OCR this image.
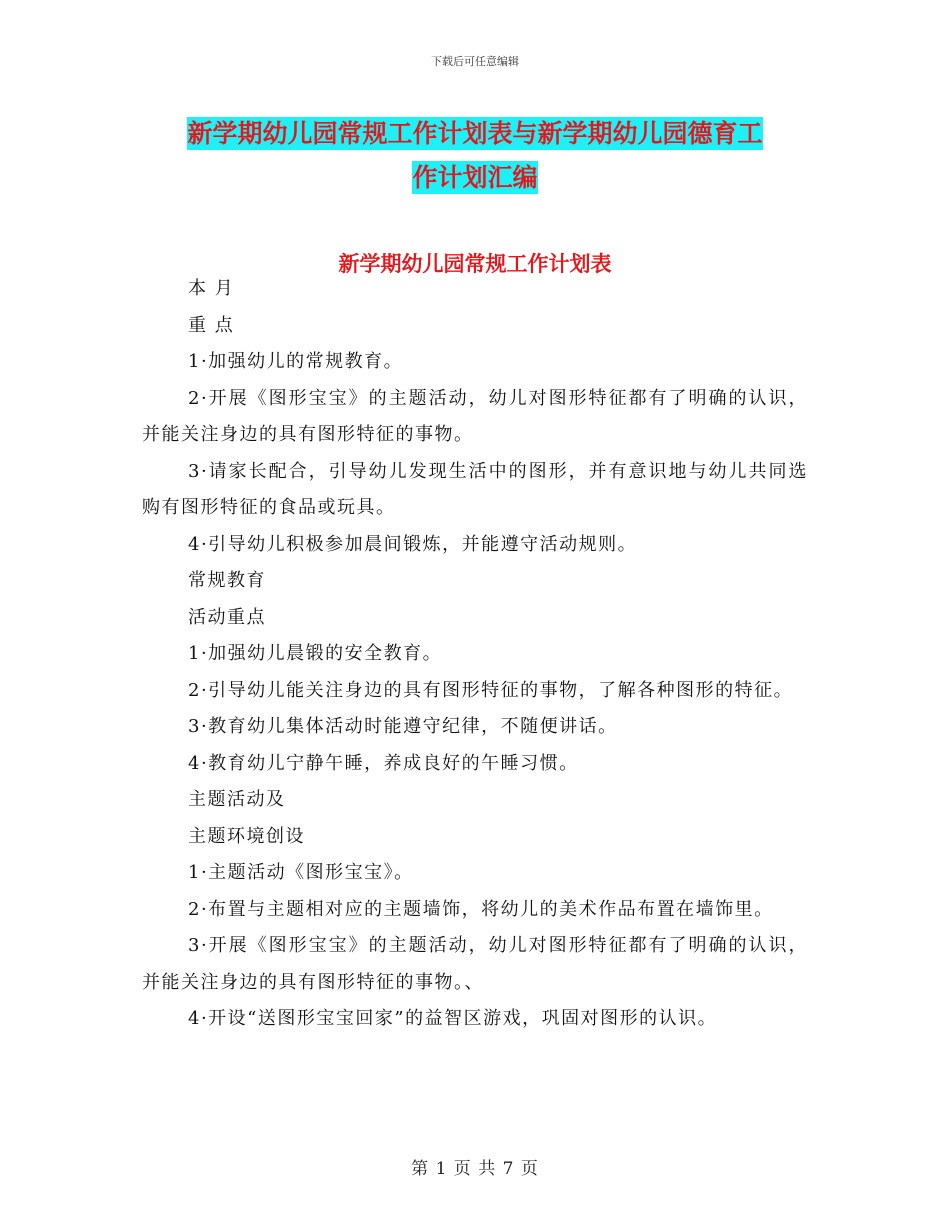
下载后可任意编辑
新学期幼儿园常规工作计划表与新学期幼儿园德育工
作计划汇编
新学期幼儿园常规工作计划表

本 月

重 点

1·加强幼儿的常规教育。

2·开展《图形宝宝》的主题活动，幼儿对图形特征都有了明确的认识，并能关注身边的具有图形特征的事物。

3·请家长配合，引导幼儿发现生活中的图形，并有意识地与幼儿共同选购有图形特征的食品或玩具。

4·引导幼儿积极参加晨间锻炼，并能遵守活动规则。

常规教育

活动重点

1·加强幼儿晨锻的安全教育。

2·引导幼儿能关注身边的具有图形特征的事物，了解各种图形的特征。

3·教育幼儿集体活动时能遵守纪律，不随便讲话。

4·教育幼儿宁静午睡，养成良好的午睡习惯。

主题活动及

主题环境创设

1·主题活动《图形宝宝》。

2·布置与主题相对应的主题墙饰，将幼儿的美术作品布置在墙饰里。

3·开展《图形宝宝》的主题活动，幼儿对图形特征都有了明确的认识，并能关注身边的具有图形特征的事物。、

4·开设“送图形宝宝回家”的益智区游戏，巩固对图形的认识。

第 1 页 共 7 页
